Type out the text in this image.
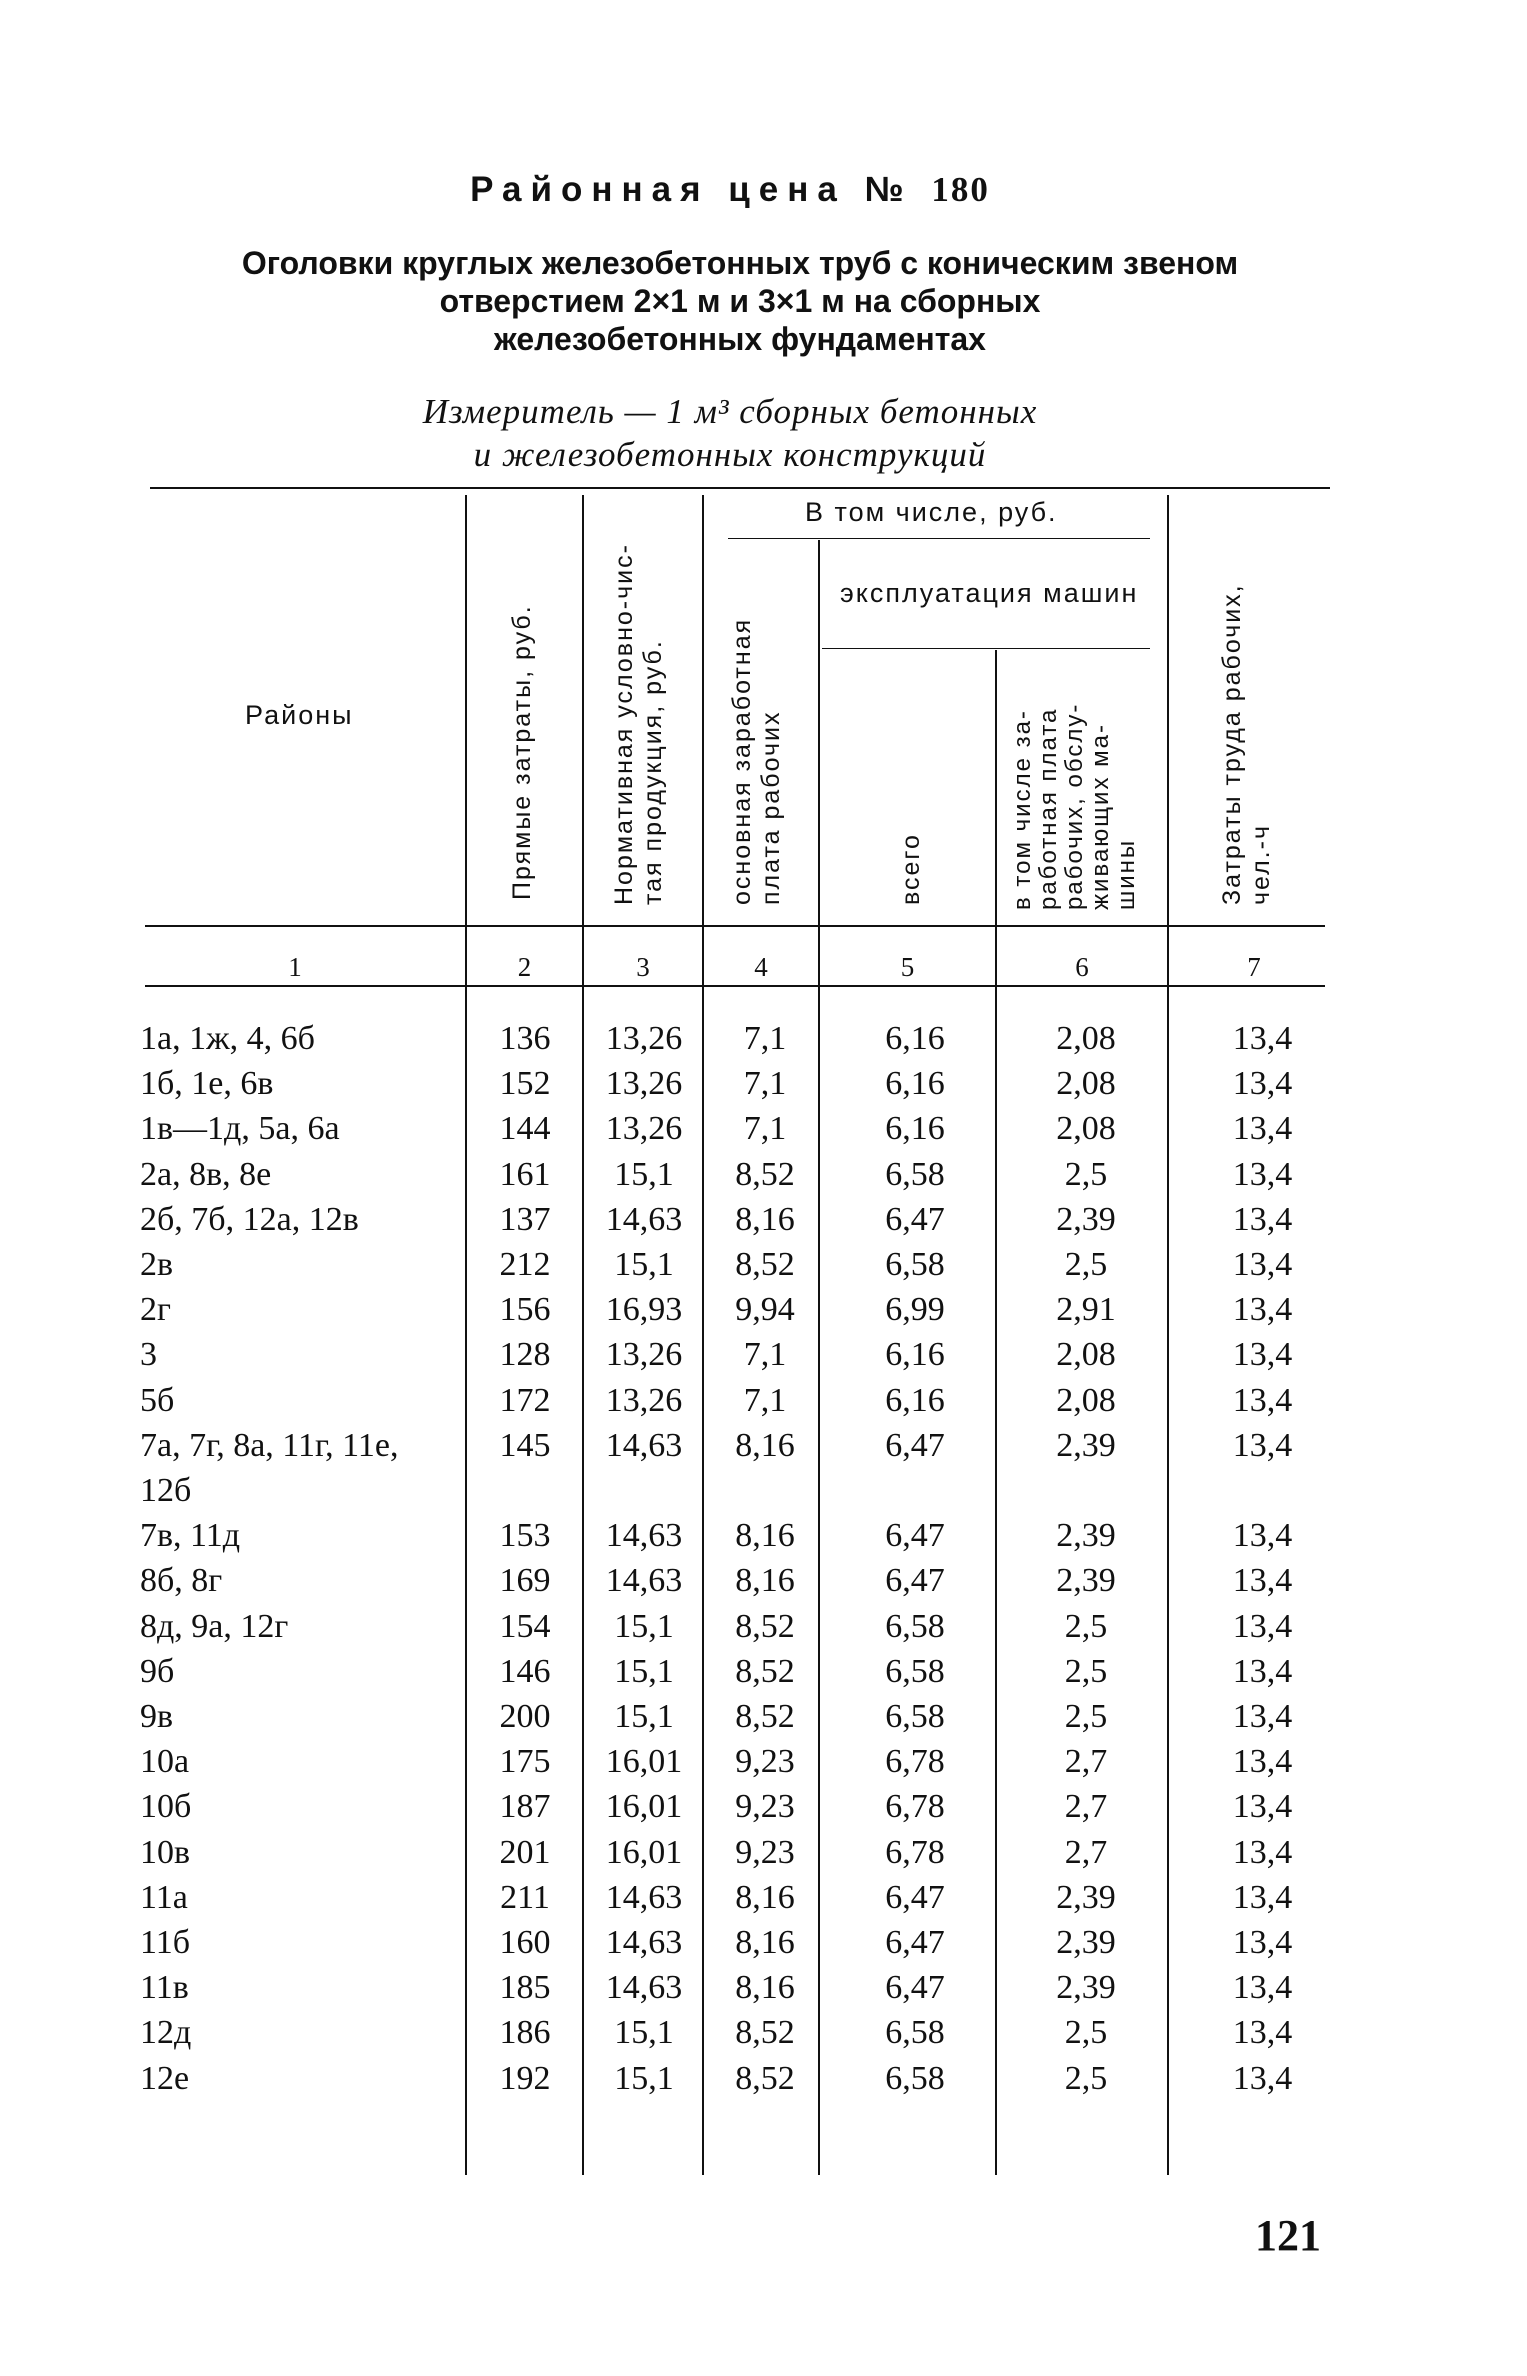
Районная цена № 180
Оголовки круглых железобетонных труб с коническим звеном
отверстием 2×1 м и 3×1 м на сборных
железобетонных фундаментах
Измеритель — 1 м³ сборных бетонных
и железобетонных конструкций
Районы	Прямые затраты, руб.	Нормативная условно-чис- тая продукция, руб.
В том числе, руб.
основная заработная плата рабочих
эксплуатация машин
всего	в том числе за- работная плата рабочих, обслу- живающих ма- шины	Затраты труда рабочих, чел.-ч
1	2	3	4	5	6	7
1а, 1ж, 4, 6б	136	13,26	7,1	6,16	2,08	13,4
1б, 1е, 6в	152	13,26	7,1	6,16	2,08	13,4
1в—1д, 5а, 6а	144	13,26	7,1	6,16	2,08	13,4
2а, 8в, 8е	161	15,1	8,52	6,58	2,5	13,4
2б, 7б, 12а, 12в	137	14,63	8,16	6,47	2,39	13,4
2в	212	15,1	8,52	6,58	2,5	13,4
2г	156	16,93	9,94	6,99	2,91	13,4
3	128	13,26	7,1	6,16	2,08	13,4
5б	172	13,26	7,1	6,16	2,08	13,4
7а, 7г, 8а, 11г, 11е,	145	14,63	8,16	6,47	2,39	13,4
12б
7в, 11д	153	14,63	8,16	6,47	2,39	13,4
8б, 8г	169	14,63	8,16	6,47	2,39	13,4
8д, 9а, 12г	154	15,1	8,52	6,58	2,5	13,4
9б	146	15,1	8,52	6,58	2,5	13,4
9в	200	15,1	8,52	6,58	2,5	13,4
10а	175	16,01	9,23	6,78	2,7	13,4
10б	187	16,01	9,23	6,78	2,7	13,4
10в	201	16,01	9,23	6,78	2,7	13,4
11а	211	14,63	8,16	6,47	2,39	13,4
11б	160	14,63	8,16	6,47	2,39	13,4
11в	185	14,63	8,16	6,47	2,39	13,4
12д	186	15,1	8,52	6,58	2,5	13,4
12е	192	15,1	8,52	6,58	2,5	13,4
121
